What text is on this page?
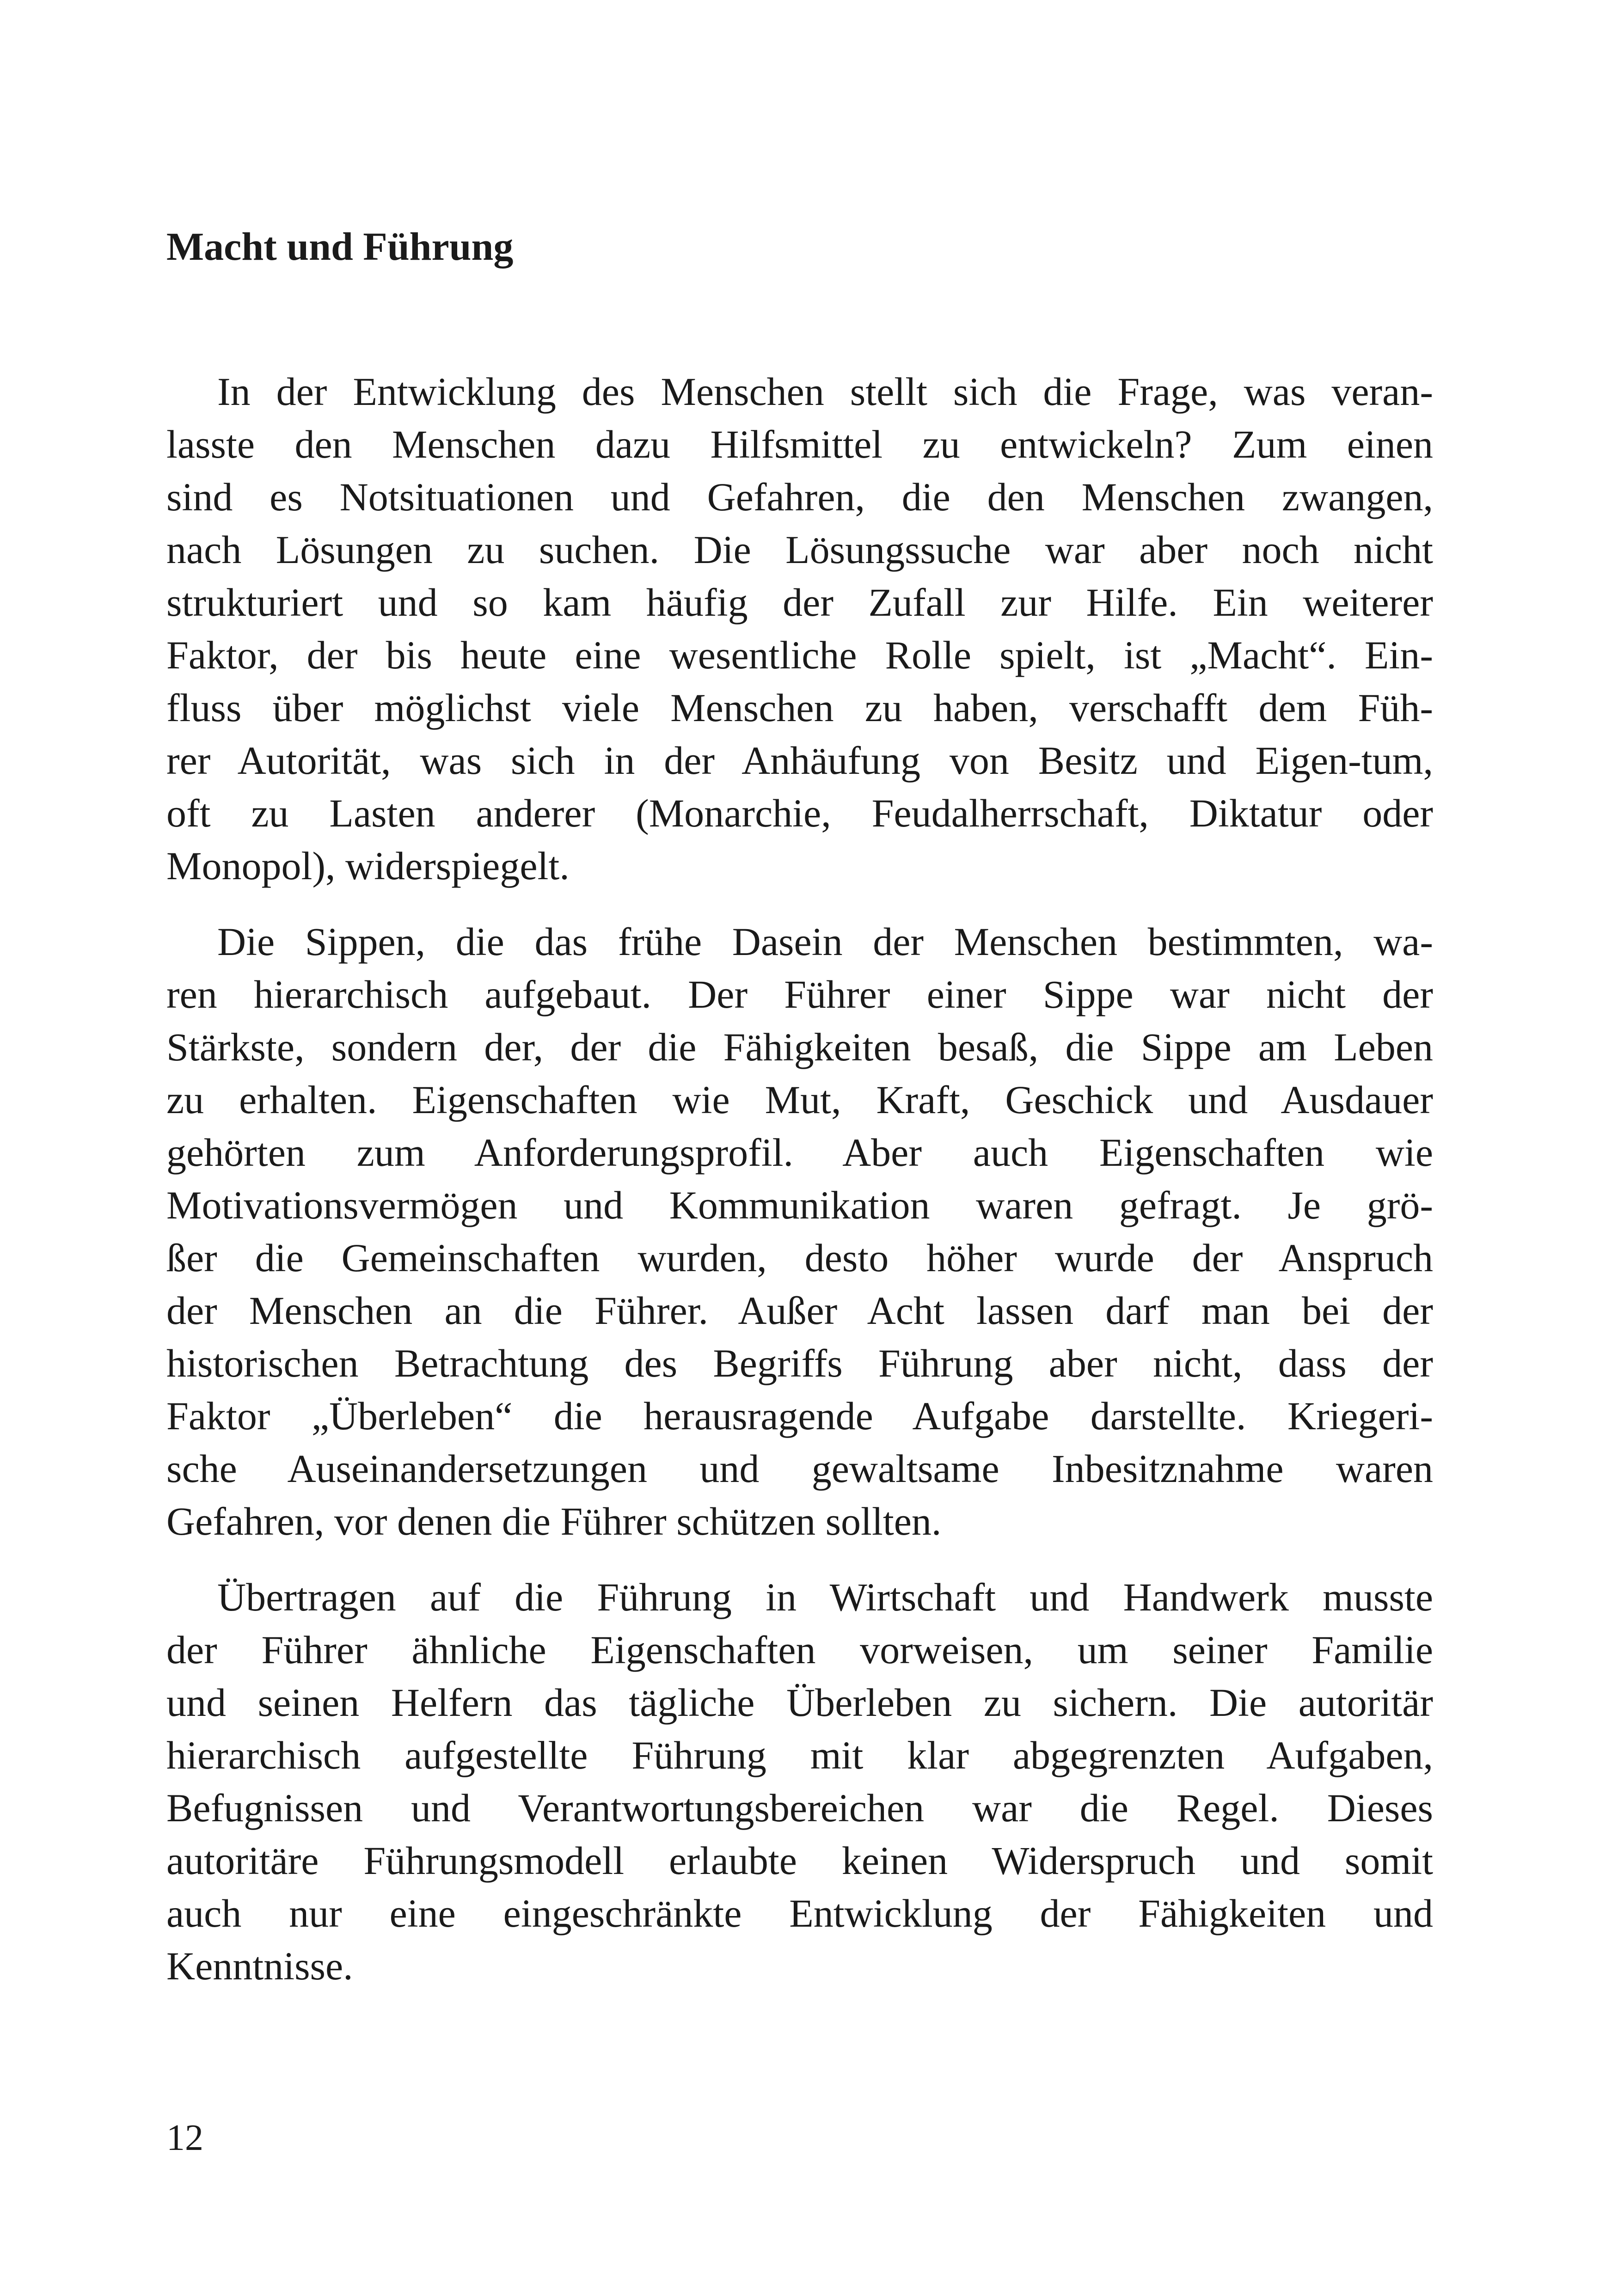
Macht und Führung

In der Entwicklung des Menschen stellt sich die Frage, was veran-
lasste den Menschen dazu Hilfsmittel zu entwickeln? Zum einen
sind es Notsituationen und Gefahren, die den Menschen zwangen,
nach Lösungen zu suchen. Die Lösungssuche war aber noch nicht
strukturiert und so kam häufig der Zufall zur Hilfe. Ein weiterer
Faktor, der bis heute eine wesentliche Rolle spielt, ist „Macht“. Ein-
fluss über möglichst viele Menschen zu haben, verschafft dem Füh-
rer Autorität, was sich in der Anhäufung von Besitz und Eigen-tum,
oft zu Lasten anderer (Monarchie, Feudalherrschaft, Diktatur oder
Monopol), widerspiegelt.

Die Sippen, die das frühe Dasein der Menschen bestimmten, wa-
ren hierarchisch aufgebaut. Der Führer einer Sippe war nicht der
Stärkste, sondern der, der die Fähigkeiten besaß, die Sippe am Leben
zu erhalten. Eigenschaften wie Mut, Kraft, Geschick und Ausdauer
gehörten zum Anforderungsprofil. Aber auch Eigenschaften wie
Motivationsvermögen und Kommunikation waren gefragt. Je grö-
ßer die Gemeinschaften wurden, desto höher wurde der Anspruch
der Menschen an die Führer. Außer Acht lassen darf man bei der
historischen Betrachtung des Begriffs Führung aber nicht, dass der
Faktor „Überleben“ die herausragende Aufgabe darstellte. Kriegeri-
sche Auseinandersetzungen und gewaltsame Inbesitznahme waren
Gefahren, vor denen die Führer schützen sollten.

Übertragen auf die Führung in Wirtschaft und Handwerk musste
der Führer ähnliche Eigenschaften vorweisen, um seiner Familie
und seinen Helfern das tägliche Überleben zu sichern. Die autoritär
hierarchisch aufgestellte Führung mit klar abgegrenzten Aufgaben,
Befugnissen und Verantwortungsbereichen war die Regel. Dieses
autoritäre Führungsmodell erlaubte keinen Widerspruch und somit
auch nur eine eingeschränkte Entwicklung der Fähigkeiten und
Kenntnisse.

12
